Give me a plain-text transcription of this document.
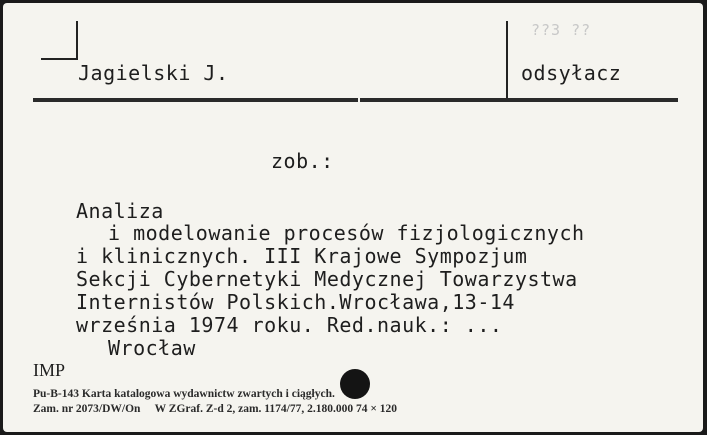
??3 ??
Jagielski J.	odsyłacz
zob.:
Analiza
i modelowanie procesów fizjologicznych
i klinicznych. III Krajowe Sympozjum
Sekcji Cybernetyki Medycznej Towarzystwa
Internistów Polskich.Wrocława,13-14
września 1974 roku. Red.nauk.: ...
Wrocław
IMP
Pu-B-143 Karta katalogowa wydawnictw zwartych i ciągłych.
Zam. nr 2073/DW/On     W ZGraf. Z-d 2, zam. 1174/77, 2.180.000 74 × 120
